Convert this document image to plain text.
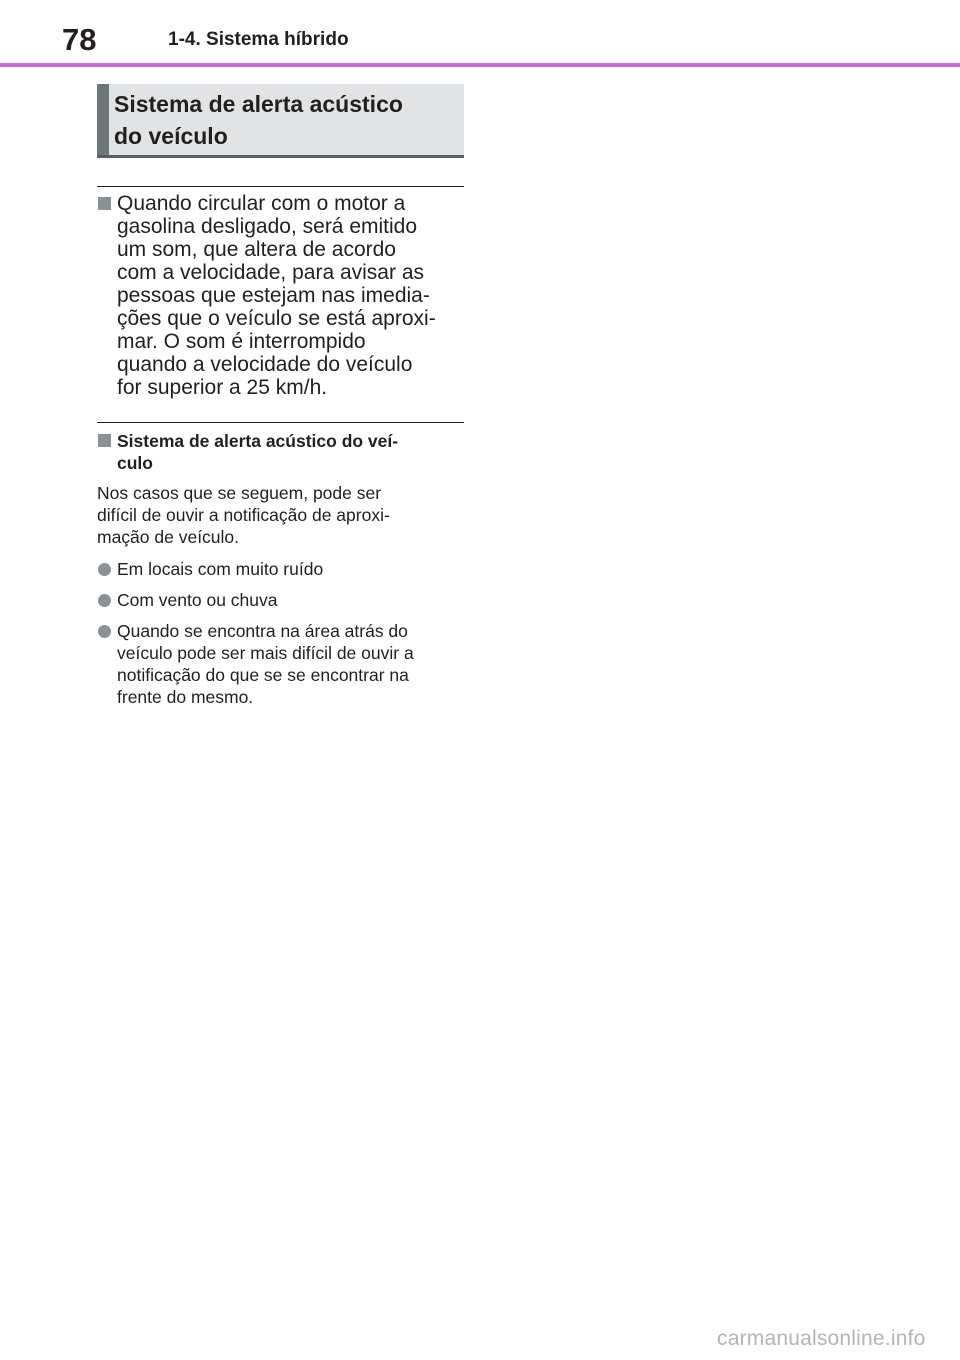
78	1-4. Sistema híbrido
Sistema de alerta acústico
do veículo
Quando circular com o motor a
gasolina desligado, será emitido
um som, que altera de acordo
com a velocidade, para avisar as
pessoas que estejam nas imedia-
ções que o veículo se está aproxi-
mar. O som é interrompido
quando a velocidade do veículo
for superior a 25 km/h.
Sistema de alerta acústico do veí-
culo
Nos casos que se seguem, pode ser
difícil de ouvir a notificação de aproxi-
mação de veículo.
Em locais com muito ruído
Com vento ou chuva
Quando se encontra na área atrás do
veículo pode ser mais difícil de ouvir a
notificação do que se se encontrar na
frente do mesmo.
carmanualsonline.info
